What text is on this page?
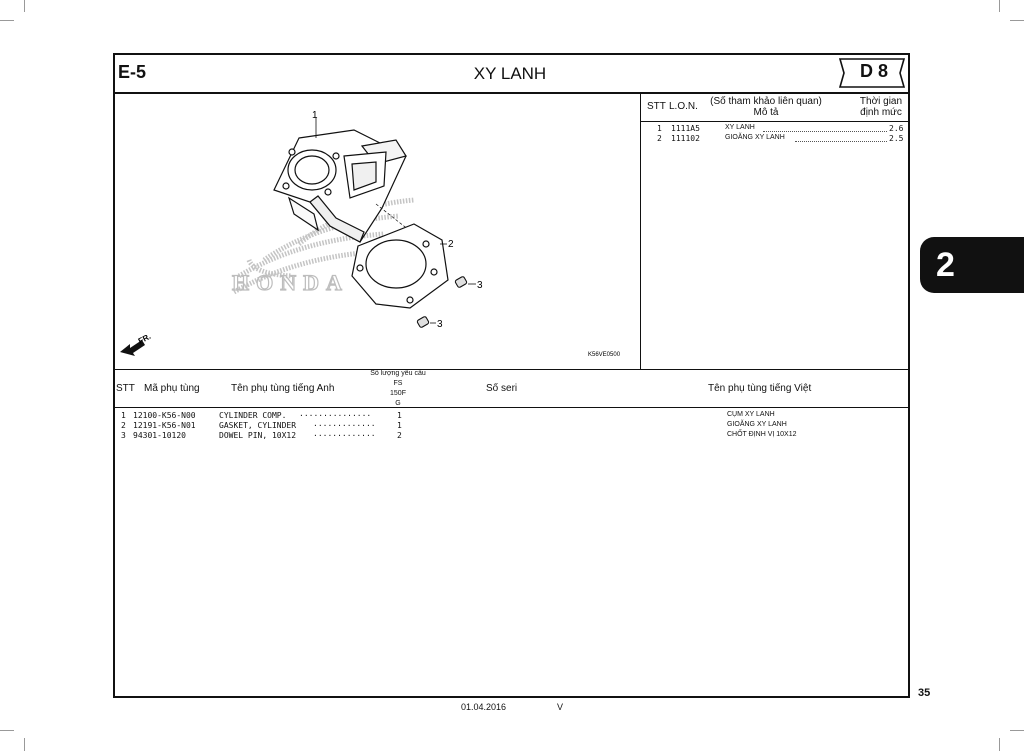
E-5	XY LANH	D 8
STT L.O.N.	(Số tham khảo liên quan)
Mô tả
Thời gian
định mức
1 1111A5	XY LANH	2.6
2 111102	GIOĂNG XY LANH	2.5
HONDA
1
2
3
3
FR.
K56VE0500
STT Mã phụ tùng	Tên phụ tùng tiếng Anh
Số lượng yêu cầu
FS
150F
G
Số seri	Tên phụ tùng tiếng Việt
1 12100-K56-N00	CYLINDER COMP. ···············	1	CỤM XY LANH
2 12191-K56-N01	GASKET, CYLINDER ·············	1	GIOĂNG XY LANH
3 94301-10120	DOWEL PIN, 10X12 ·············	2	CHỐT ĐỊNH VỊ 10X12
2
35
01.04.2016	V
